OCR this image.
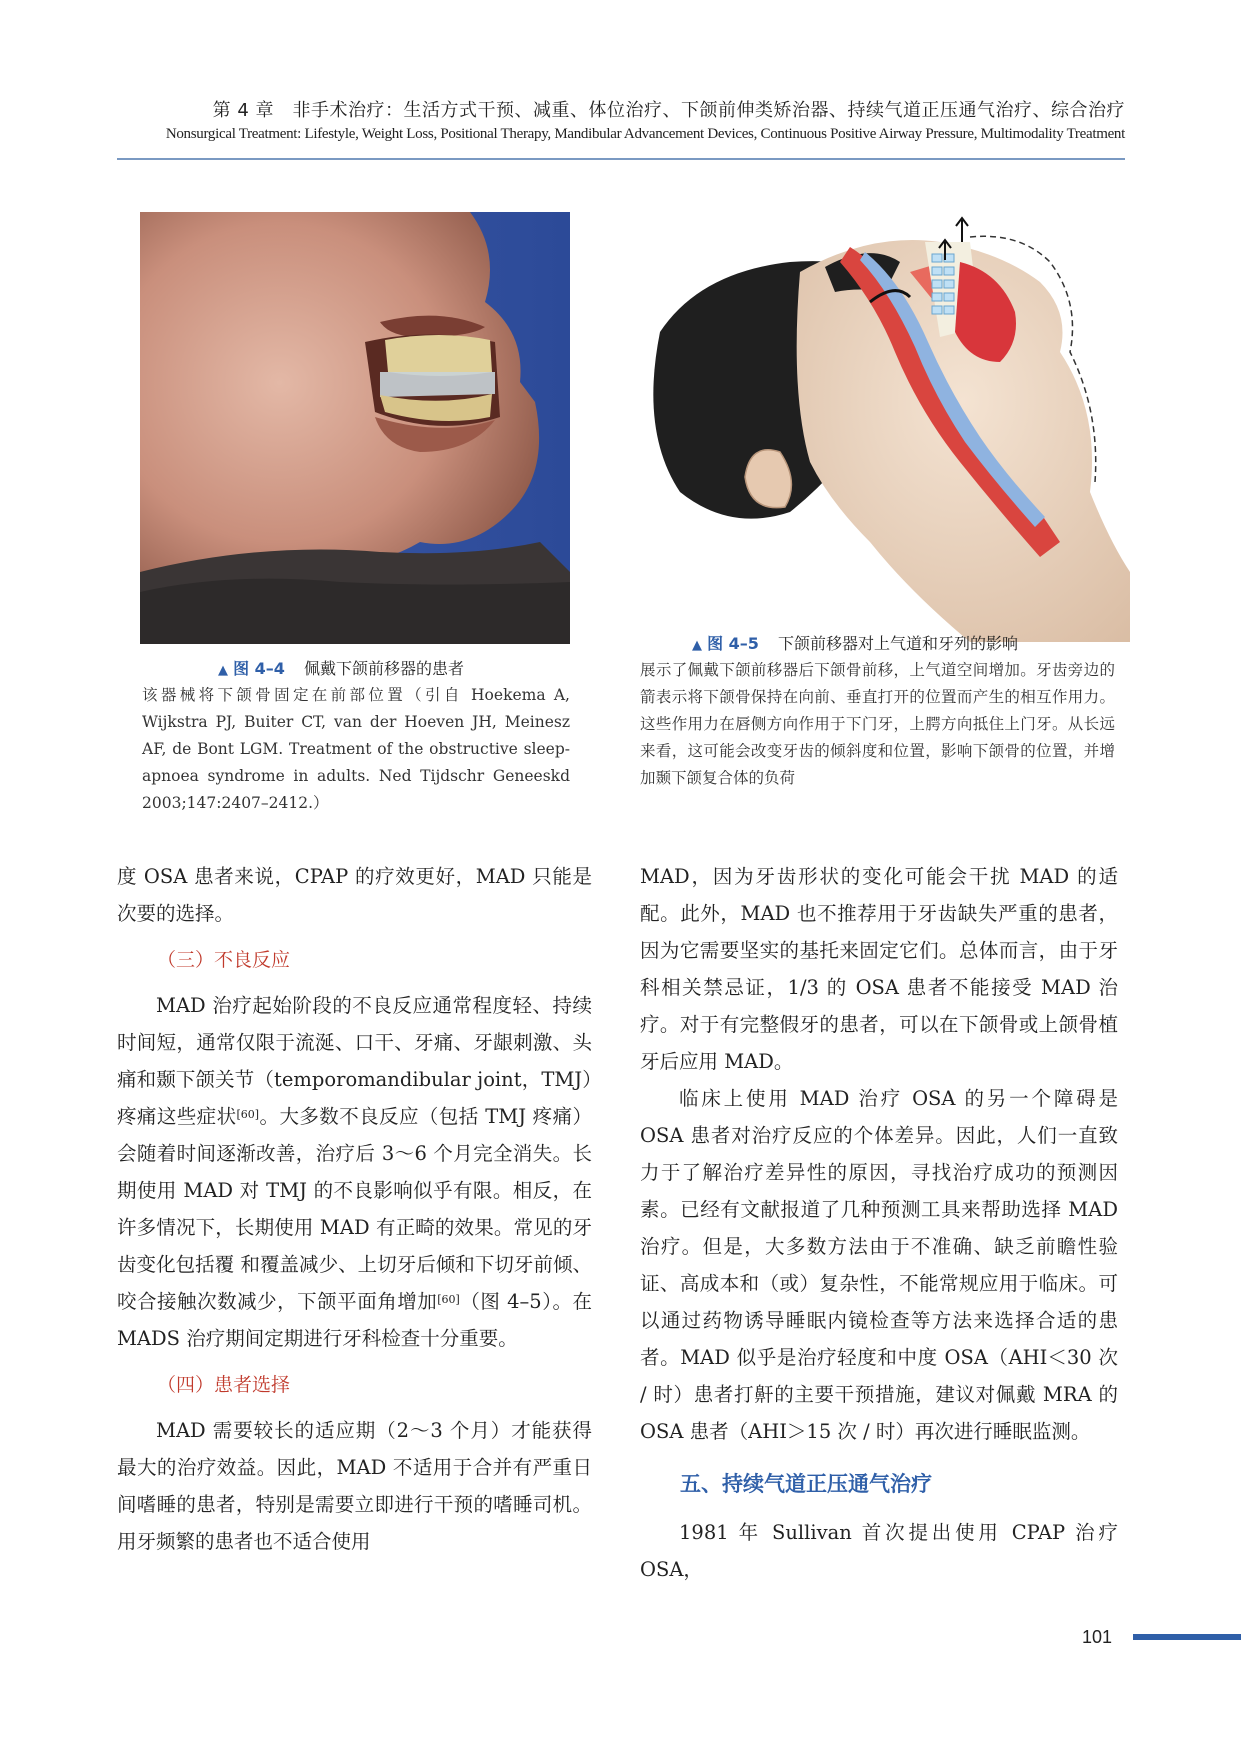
第 4 章　非手术治疗：生活方式干预、减重、体位治疗、下颌前伸类矫治器、持续气道正压通气治疗、综合治疗
Nonsurgical Treatment: Lifestyle, Weight Loss, Positional Therapy, Mandibular Advancement Devices, Continuous Positive Airway Pressure, Multimodality Treatment
▲ 图 4–4 佩戴下颌前移器的患者
该器械将下颌骨固定在前部位置（引自 Hoekema A, Wijkstra PJ, Buiter CT, van der Hoeven JH, Meinesz AF, de Bont LGM. Treatment of the obstructive sleep-apnoea syndrome in adults. Ned Tijdschr Geneeskd 2003;147:2407–2412.）
▲ 图 4–5 下颌前移器对上气道和牙列的影响
展示了佩戴下颌前移器后下颌骨前移，上气道空间增加。牙齿旁边的箭表示将下颌骨保持在向前、垂直打开的位置而产生的相互作用力。这些作用力在唇侧方向作用于下门牙，上腭方向抵住上门牙。从长远来看，这可能会改变牙齿的倾斜度和位置，影响下颌骨的位置，并增加颞下颌复合体的负荷

度 OSA 患者来说，CPAP 的疗效更好，MAD 只能是次要的选择。

（三）不良反应

MAD 治疗起始阶段的不良反应通常程度轻、持续时间短，通常仅限于流涎、口干、牙痛、牙龈刺激、头痛和颞下颌关节（temporomandibular joint，TMJ）疼痛这些症状[60]。大多数不良反应（包括 TMJ 疼痛）会随着时间逐渐改善，治疗后 3～6 个月完全消失。长期使用 MAD 对 TMJ 的不良影响似乎有限。相反，在许多情况下，长期使用 MAD 有正畸的效果。常见的牙齿变化包括覆 和覆盖减少、上切牙后倾和下切牙前倾、咬合接触次数减少，下颌平面角增加[60]（图 4–5）。在 MADS 治疗期间定期进行牙科检查十分重要。

（四）患者选择

MAD 需要较长的适应期（2～3 个月）才能获得最大的治疗效益。因此，MAD 不适用于合并有严重日间嗜睡的患者，特别是需要立即进行干预的嗜睡司机。用牙频繁的患者也不适合使用

MAD，因为牙齿形状的变化可能会干扰 MAD 的适配。此外，MAD 也不推荐用于牙齿缺失严重的患者，因为它需要坚实的基托来固定它们。总体而言，由于牙科相关禁忌证，1/3 的 OSA 患者不能接受 MAD 治疗。对于有完整假牙的患者，可以在下颌骨或上颌骨植牙后应用 MAD。

临床上使用 MAD 治疗 OSA 的另一个障碍是 OSA 患者对治疗反应的个体差异。因此，人们一直致力于了解治疗差异性的原因，寻找治疗成功的预测因素。已经有文献报道了几种预测工具来帮助选择 MAD 治疗。但是，大多数方法由于不准确、缺乏前瞻性验证、高成本和（或）复杂性，不能常规应用于临床。可以通过药物诱导睡眠内镜检查等方法来选择合适的患者。MAD 似乎是治疗轻度和中度 OSA（AHI＜30 次 / 时）患者打鼾的主要干预措施，建议对佩戴 MRA 的 OSA 患者（AHI＞15 次 / 时）再次进行睡眠监测。

五、持续气道正压通气治疗

1981 年 Sullivan 首次提出使用 CPAP 治疗 OSA，

101
